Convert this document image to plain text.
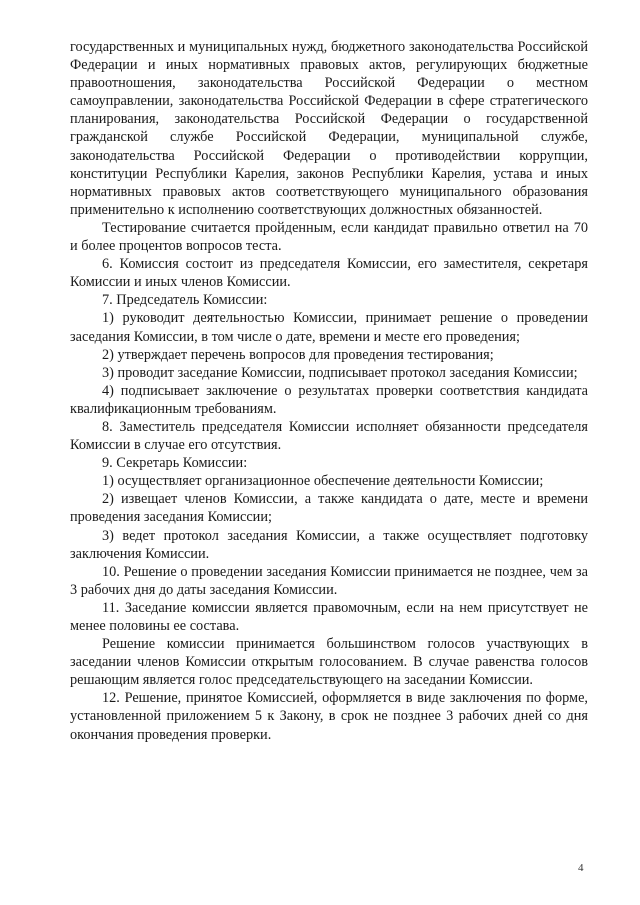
государственных и муниципальных нужд, бюджетного законодательства Российской Федерации и иных нормативных правовых актов, регулирующих бюджетные правоотношения, законодательства Российской Федерации о местном самоуправлении, законодательства Российской Федерации в сфере стратегического планирования, законодательства Российской Федерации о государственной гражданской службе Российской Федерации, муниципальной службе, законодательства Российской Федерации о противодействии коррупции, конституции Республики Карелия, законов Республики Карелия, устава и иных нормативных правовых актов соответствующего муниципального образования применительно к исполнению соответствующих должностных обязанностей.

Тестирование считается пройденным, если кандидат правильно ответил на 70 и более процентов вопросов теста.

6. Комиссия состоит из председателя Комиссии, его заместителя, секретаря Комиссии и иных членов Комиссии.

7. Председатель Комиссии:

1) руководит деятельностью Комиссии, принимает решение о проведении заседания Комиссии, в том числе о дате, времени и месте его проведения;

2) утверждает перечень вопросов для проведения тестирования;

3) проводит заседание Комиссии, подписывает протокол заседания Комиссии;

4) подписывает заключение о результатах проверки соответствия кандидата квалификационным требованиям.

8. Заместитель председателя Комиссии исполняет обязанности председателя Комиссии в случае его отсутствия.

9. Секретарь Комиссии:

1) осуществляет организационное обеспечение деятельности Комиссии;

2) извещает членов Комиссии, а также кандидата о дате, месте и времени проведения заседания Комиссии;

3) ведет протокол заседания Комиссии, а также осуществляет подготовку заключения Комиссии.

10. Решение о проведении заседания Комиссии принимается не позднее, чем за 3 рабочих дня до даты заседания Комиссии.

11. Заседание комиссии является правомочным, если на нем присутствует не менее половины ее состава.

Решение комиссии принимается большинством голосов участвующих в заседании членов Комиссии открытым голосованием. В случае равенства голосов решающим является голос председательствующего на заседании Комиссии.

12. Решение, принятое Комиссией, оформляется в виде заключения по форме, установленной приложением 5 к Закону, в срок не позднее 3 рабочих дней со дня окончания проведения проверки.

4
